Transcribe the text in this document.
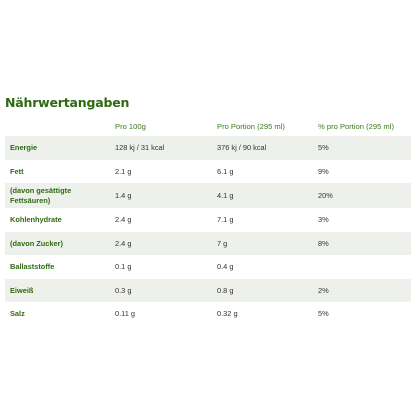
Nährwertangaben
	Pro 100g	Pro Portion (295 ml)	% pro Portion (295 ml)
Energie	128 kj / 31 kcal	376 kj / 90 kcal	5%
Fett	2.1 g	6.1 g	9%
(davon gesättigte Fettsäuren)	1.4 g	4.1 g	20%
Kohlenhydrate	2.4 g	7.1 g	3%
(davon Zucker)	2.4 g	7 g	8%
Ballaststoffe	0.1 g	0.4 g	
Eiweiß	0.3 g	0.8 g	2%
Salz	0.11 g	0.32 g	5%
